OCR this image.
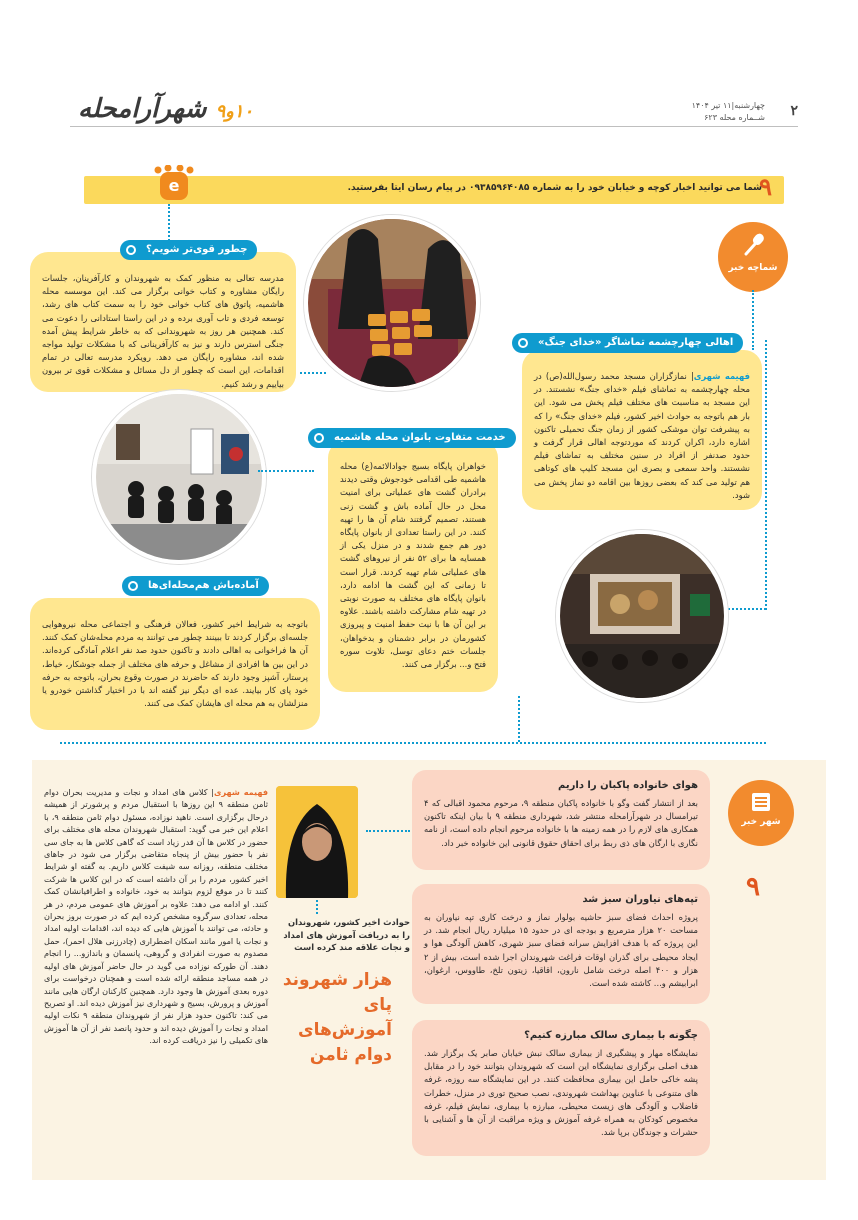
۲
چهارشنبه|۱۱ تیر ۱۴۰۴
شــماره محله ۶۲۳
۱۰و۹ شهرآرامحله
۹
شما می توانید اخبار کوچه و خیابان خود را به شماره ۰۹۳۸۵۹۶۴۰۸۵ در پیام رسان ایتا بفرستید.
e
شماچه خبر

مدرسه تعالی به منظور کمک به شهروندان و کارآفرینان، جلسات رایگان مشاوره و کتاب خوانی برگزار می کند. این موسسه محله هاشمیه، پاتوق های کتاب خوانی خود را به سمت کتاب های رشد، توسعه فردی و تاب آوری برده و در این راستا استادانی را دعوت می کند. همچنین هر روز به شهروندانی که به خاطر شرایط پیش آمده جنگی استرس دارند و نیز به کارآفرینانی که با مشکلات تولید مواجه شده اند، مشاوره رایگان می دهد. رویکرد مدرسه تعالی در تمام اقدامات، این است که چطور از دل مسائل و مشکلات قوی تر بیرون بیاییم و رشد کنیم.

چطور قوی‌تر شویم؟

فهیمه شهری| نمازگزاران مسجد محمد رسول‌الله(ص) در محله چهارچشمه به تماشای فیلم «خدای جنگ» نشستند. در این مسجد به مناسبت های مختلف فیلم پخش می شود. این بار هم باتوجه به حوادث اخیر کشور، فیلم «خدای جنگ» را که به پیشرفت توان موشکی کشور از زمان جنگ تحمیلی تاکنون اشاره دارد، اکران کردند که موردتوجه اهالی قرار گرفت و حدود صدنفر از افراد در سنین مختلف به تماشای فیلم نشستند. واحد سمعی و بصری این مسجد کلیپ های کوتاهی هم تولید می کند که بعضی روزها بین اقامه دو نماز پخش می شود.

اهالی چهارچشمه تماشاگر «خدای جنگ»

خواهران پایگاه بسیج جوادالائمه(ع) محله هاشمیه طی اقدامی خودجوش وقتی دیدند برادران گشت های عملیاتی برای امنیت محل در حال آماده باش و گشت زنی هستند، تصمیم گرفتند شام آن ها را تهیه کنند. در این راستا تعدادی از بانوان پایگاه دور هم جمع شدند و در منزل یکی از همسایه ها برای ۵۲ نفر از نیروهای گشت های عملیاتی شام تهیه کردند. قرار است تا زمانی که این گشت ها ادامه دارد، بانوان پایگاه های مختلف به صورت نوبتی در تهیه شام مشارکت داشته باشند. علاوه بر این آن ها با نیت حفظ امنیت و پیروزی کشورمان در برابر دشمنان و بدخواهان، جلسات ختم دعای توسل، تلاوت سوره فتح و... برگزار می کنند.

خدمت متفاوت بانوان محله هاشمیه

باتوجه به شرایط اخیر کشور، فعالان فرهنگی و اجتماعی محله نیروهوایی جلسه‌ای برگزار کردند تا ببینند چطور می توانند به مردم محله‌شان کمک کنند. آن ها فراخوانی به اهالی دادند و تاکنون حدود صد نفر اعلام آمادگی کرده‌اند. در این بین ها افرادی از مشاغل و حرفه های مختلف از جمله جوشکار، خیاط، پرستار، آشپز وجود دارند که حاضرند در صورت وقوع بحران، باتوجه به حرفه خود پای کار بیایند. عده ای دیگر نیز گفته اند با در اختیار گذاشتن خودرو یا منزلشان به هم محله ای هایشان کمک می کنند.

آماده‌باش هم‌محله‌ای‌ها
شهر خبر
۹

هوای خانواده پاکبان را داریم

بعد از انتشار گفت وگو با خانواده پاکبان منطقه ۹، مرحوم محمود اقبالی که ۴ تیرامسال در شهرآرامحله منتشر شد، شهرداری منطقه ۹ با بیان اینکه تاکنون همکاری های لازم را در همه زمینه ها با خانواده مرحوم انجام داده است، از نامه نگاری با ارگان های ذی ربط برای احقاق حقوق قانونی این خانواده خبر داد.

تپه‌های نیاوران سبز شد

پروژه احداث فضای سبز حاشیه بولوار نماز و درخت کاری تپه نیاوران به مساحت ۲۰ هزار مترمربع و بودجه ای در حدود ۱۵ میلیارد ریال انجام شد. در این پروژه که با هدف افزایش سرانه فضای سبز شهری، کاهش آلودگی هوا و ایجاد محیطی برای گذران اوقات فراغت شهروندان اجرا شده است، بیش از ۲ هزار و ۴۰۰ اصله درخت شامل نارون، اقاقیا، زیتون تلخ، طاووس، ارغوان، ابرابیشم و... کاشته شده است.

چگونه با بیماری سالک مبارزه کنیم؟

نمایشگاه مهار و پیشگیری از بیماری سالک نبش خیابان صابر یک برگزار شد. هدف اصلی برگزاری نمایشگاه این است که شهروندان بتوانند خود را در مقابل پشه خاکی حامل این بیماری محافظت کنند. در این نمایشگاه سه روزه، غرفه های متنوعی با عناوین بهداشت شهروندی، نصب صحیح توری در منزل، خطرات فاضلاب و آلودگی های زیست محیطی، مبارزه با بیماری، نمایش فیلم، غرفه مخصوص کودکان به همراه غرفه آموزش و ویژه مراقبت از آن ها و آشنایی با حشرات و جوندگان برپا شد.

فهیمه شهری| کلاس های امداد و نجات و مدیریت بحران دوام ثامن منطقه ۹ این روزها با استقبال مردم و پرشورتر از همیشه درحال برگزاری است. ناهید نوزاده، مسئول دوام ثامن منطقه ۹، با اعلام این خبر می گوید: استقبال شهروندان محله های مختلف برای حضور در کلاس ها آن قدر زیاد است که گاهی کلاس ها به جای سی نفر با حضور بیش از پنجاه متقاضی برگزار می شود در جاهای مختلف منطقه، روزانه سه شیفت کلاس داریم. به گفته او شرایط اخیر کشور، مردم را بر آن داشته است که در این کلاس ها شرکت کنند تا در موقع لزوم بتوانند به خود، خانواده و اطرافیانشان کمک کنند. او ادامه می دهد: علاوه بر آموزش های عمومی مردم، در هر محله، تعدادی سرگروه مشخص کرده ایم که در صورت بروز بحران و حادثه، می توانند با آموزش هایی که دیده اند، اقدامات اولیه امداد و نجات یا امور مانند اسکان اضطراری (چادرزنی هلال احمر)، حمل مصدوم به صورت انفرادی و گروهی، پانسمان و باندازو... را انجام دهند. آن طورکه نوزاده می گوید در حال حاضر آموزش های اولیه در همه مساجد منطقه ارائه شده است و همچنان درخواست برای دوره بعدی آموزش ها وجود دارد. همچنین کارکنان ارگان هایی مانند آموزش و پرورش، بسیج و شهرداری نیز آموزش دیده اند. او تصریح می کند: تاکنون حدود هزار نفر از شهروندان منطقه ۹ نکات اولیه امداد و نجات را آموزش دیده اند و حدود پانصد نفر از آن ها آموزش های تکمیلی را نیز دریافت کرده اند.

حوادث اخیر کشور، شهروندان را به دریافت آموزش های امداد و نجات علاقه مند کرده است
هزار شهروند پای آموزش‌های دوام ثامن
